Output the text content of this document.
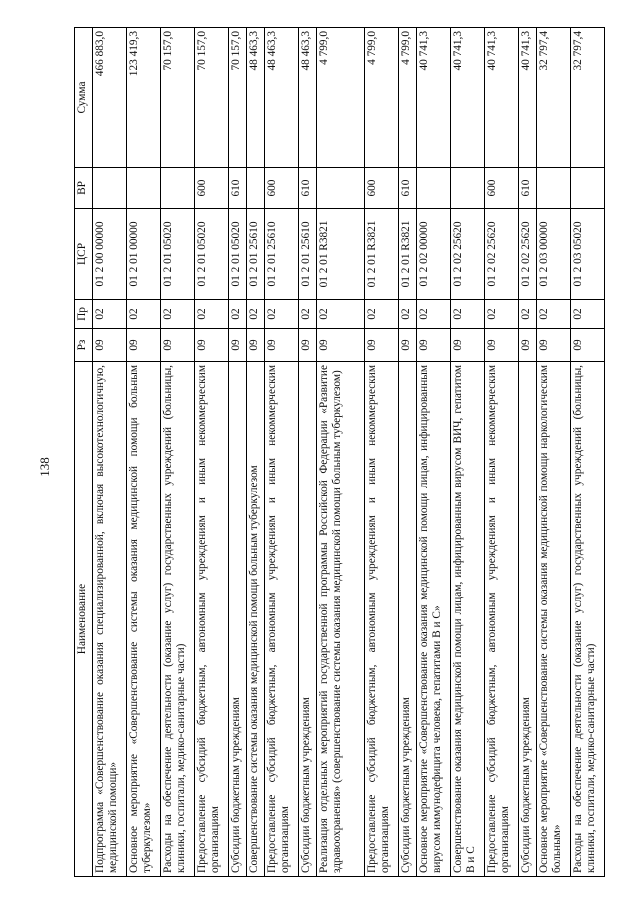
138
Наименование	Рз	Пр	ЦСР	ВР	Сумма
Подпрограмма «Совершенствование оказания специализированной, включая высокотехнологичную, медицинской помощи»	09	02	01 2 00 00000		466 883,0
Основное мероприятие «Совершенствование системы оказания медицинской помощи больным туберкулезом»	09	02	01 2 01 00000		123 419,3
Расходы на обеспечение деятельности (оказание услуг) государственных учреждений (больницы, клиники, госпитали, медико-санитарные части)	09	02	01 2 01 05020		70 157,0
Предоставление субсидий бюджетным, автономным учреждениям и иным некоммерческим организациям	09	02	01 2 01 05020	600	70 157,0
Субсидии бюджетным учреждениям	09	02	01 2 01 05020	610	70 157,0
Совершенствование системы оказания медицинской помощи больным туберкулезом	09	02	01 2 01 25610		48 463,3
Предоставление субсидий бюджетным, автономным учреждениям и иным некоммерческим организациям	09	02	01 2 01 25610	600	48 463,3
Субсидии бюджетным учреждениям	09	02	01 2 01 25610	610	48 463,3
Реализация отдельных мероприятий государственной программы Российской Федерации «Развитие здравоохранения» (совершенствование системы оказания медицинской помощи больным туберкулезом)	09	02	01 2 01 R3821		4 799,0
Предоставление субсидий бюджетным, автономным учреждениям и иным некоммерческим организациям	09	02	01 2 01 R3821	600	4 799,0
Субсидии бюджетным учреждениям	09	02	01 2 01 R3821	610	4 799,0
Основное мероприятие «Совершенствование оказания медицинской помощи лицам, инфицированным вирусом иммунодефицита человека, гепатитами В и С»	09	02	01 2 02 00000		40 741,3
Совершенствование оказания медицинской помощи лицам, инфицированным вирусом ВИЧ, гепатитом В и С	09	02	01 2 02 25620		40 741,3
Предоставление субсидий бюджетным, автономным учреждениям и иным некоммерческим организациям	09	02	01 2 02 25620	600	40 741,3
Субсидии бюджетным учреждениям	09	02	01 2 02 25620	610	40 741,3
Основное мероприятие «Совершенствование системы оказания медицинской помощи наркологическим больным»	09	02	01 2 03 00000		32 797,4
Расходы на обеспечение деятельности (оказание услуг) государственных учреждений (больницы, клиники, госпитали, медико-санитарные части)	09	02	01 2 03 05020		32 797,4
